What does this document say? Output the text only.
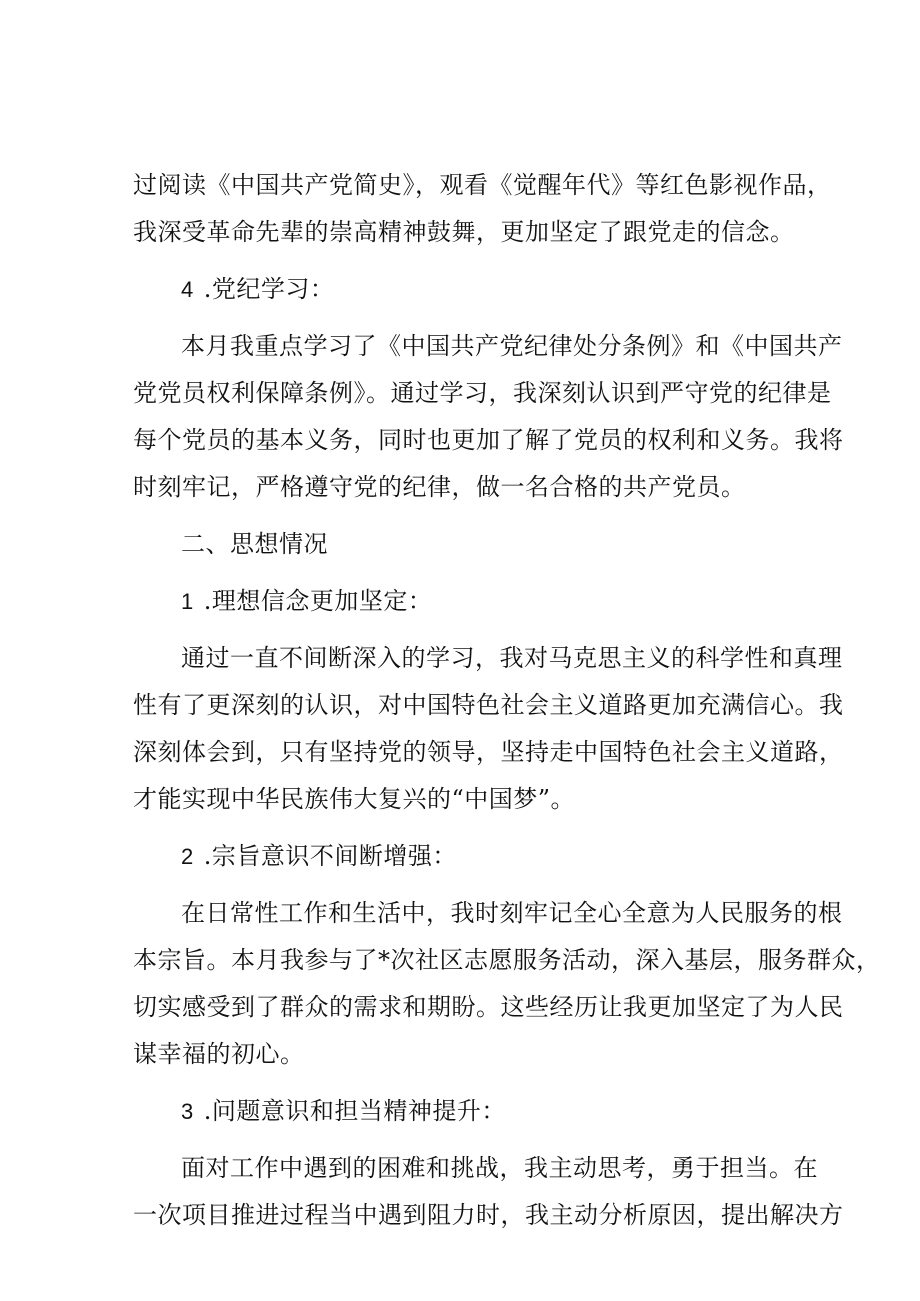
过阅读《中国共产党简史》，观看《觉醒年代》等红色影视作品，
我深受革命先辈的崇高精神鼓舞，更加坚定了跟党走的信念。
4 .党纪学习：
本月我重点学习了《中国共产党纪律处分条例》和《中国共产
党党员权利保障条例》。通过学习，我深刻认识到严守党的纪律是
每个党员的基本义务，同时也更加了解了党员的权利和义务。我将
时刻牢记，严格遵守党的纪律，做一名合格的共产党员。
二、思想情况
1 .理想信念更加坚定：
通过一直不间断深入的学习，我对马克思主义的科学性和真理
性有了更深刻的认识，对中国特色社会主义道路更加充满信心。我
深刻体会到，只有坚持党的领导，坚持走中国特色社会主义道路，
才能实现中华民族伟大复兴的“中国梦”。
2 .宗旨意识不间断增强：
在日常性工作和生活中，我时刻牢记全心全意为人民服务的根
本宗旨。本月我参与了*次社区志愿服务活动，深入基层，服务群众，
切实感受到了群众的需求和期盼。这些经历让我更加坚定了为人民
谋幸福的初心。
3 .问题意识和担当精神提升：
面对工作中遇到的困难和挑战，我主动思考，勇于担当。在
一次项目推进过程当中遇到阻力时，我主动分析原因，提出解决方
